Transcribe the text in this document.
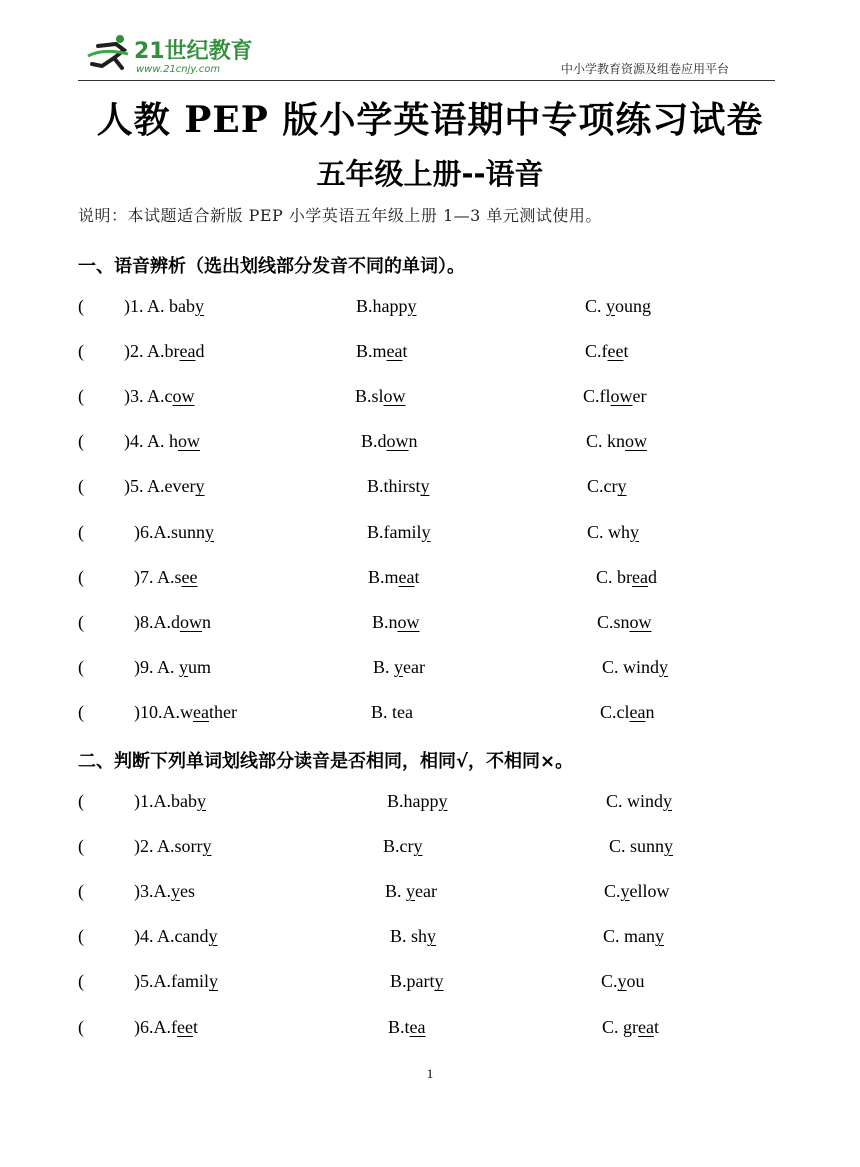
21世纪教育
www.21cnjy.com	中小学教育资源及组卷应用平台
人教 PEP 版小学英语期中专项练习试卷
五年级上册--语音
说明：本试题适合新版 PEP 小学英语五年级上册 1—3 单元测试使用。
一、语音辨析（选出划线部分发音不同的单词）。
( )1. A. baby	B.happy	C. young
( )2. A.bread	B.meat	C.feet
( )3. A.cow	B.slow	C.flower
( )4. A. how	B.down	C. know
( )5. A.every	B.thirsty	C.cry
(	)6.A.sunny	B.family	C. why
(	)7. A.see	B.meat	C. bread
(	)8.A.down	B.now	C.snow
(	)9. A. yum	B. year	C. windy
(	)10.A.weather	B. tea	C.clean
二、判断下列单词划线部分读音是否相同，相同√，不相同×。
(	)1.A.baby	B.happy	C. windy
(	)2. A.sorry	B.cry	C. sunny
(	)3.A.yes	B. year	C.yellow
(	)4. A.candy	B. shy	C. many
(	)5.A.family	B.party	C.you
(	)6.A.feet	B.tea	C. great
1
